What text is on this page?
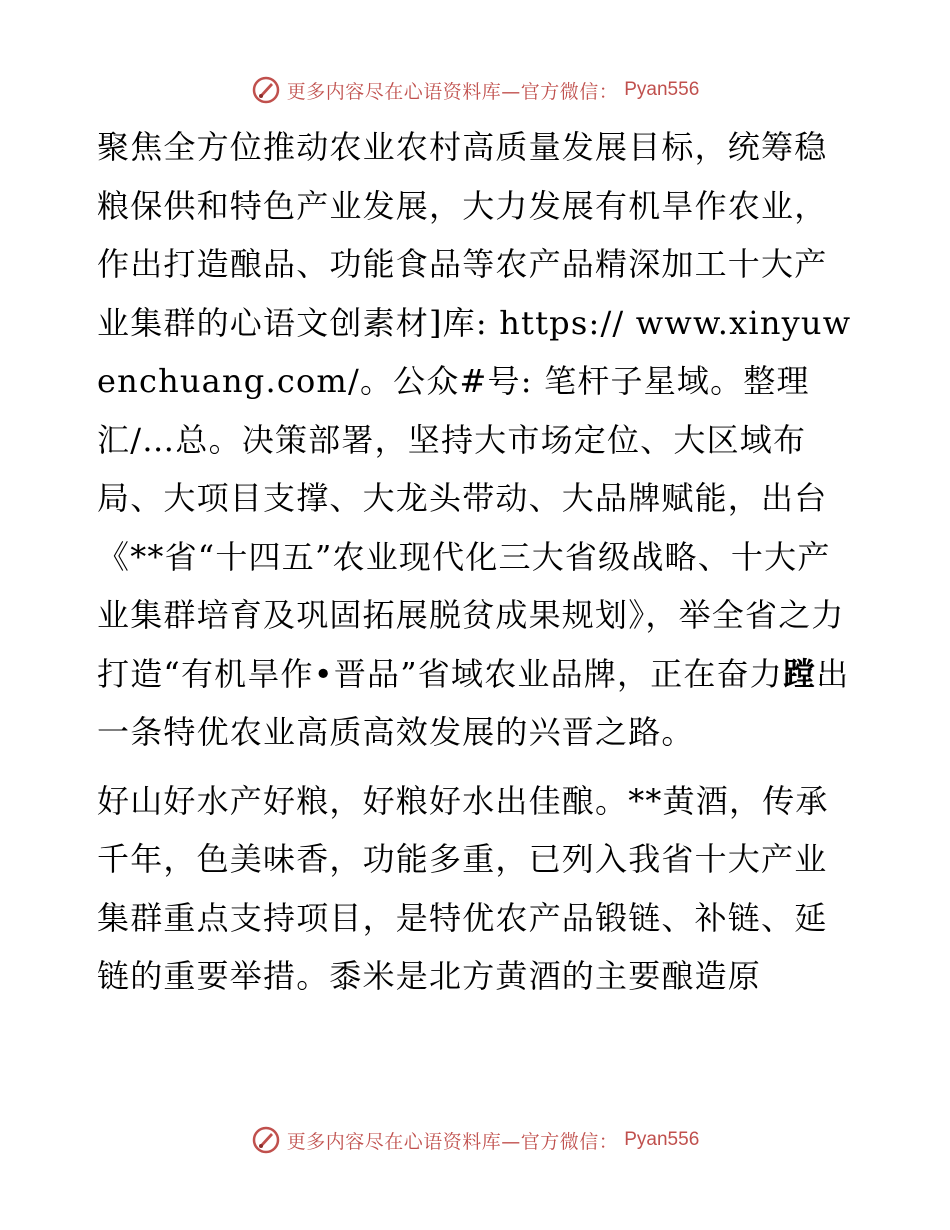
更多内容尽在心语资料库—官方微信： Pyan556

聚焦全方位推动农业农村高质量发展目标，统筹稳粮保供和特色产业发展，大力发展有机旱作农业，作出打造酿品、功能食品等农产品精深加工十大产业集群的心语文创素材]库: https:// www.xinyuwenchuang.com/。公众#号: 笔杆子星域。整理汇/…总。决策部署，坚持大市场定位、大区域布局、大项目支撑、大龙头带动、大品牌赋能，出台《**省“十四五”农业现代化三大省级战略、十大产业集群培育及巩固拓展脱贫成果规划》，举全省之力打造“有机旱作•晋品”省域农业品牌，正在奋力蹚出一条特优农业高质高效发展的兴晋之路。

好山好水产好粮，好粮好水出佳酿。**黄酒，传承千年，色美味香，功能多重，已列入我省十大产业集群重点支持项目，是特优农产品锻链、补链、延链的重要举措。黍米是北方黄酒的主要酿造原

更多内容尽在心语资料库—官方微信： Pyan556
